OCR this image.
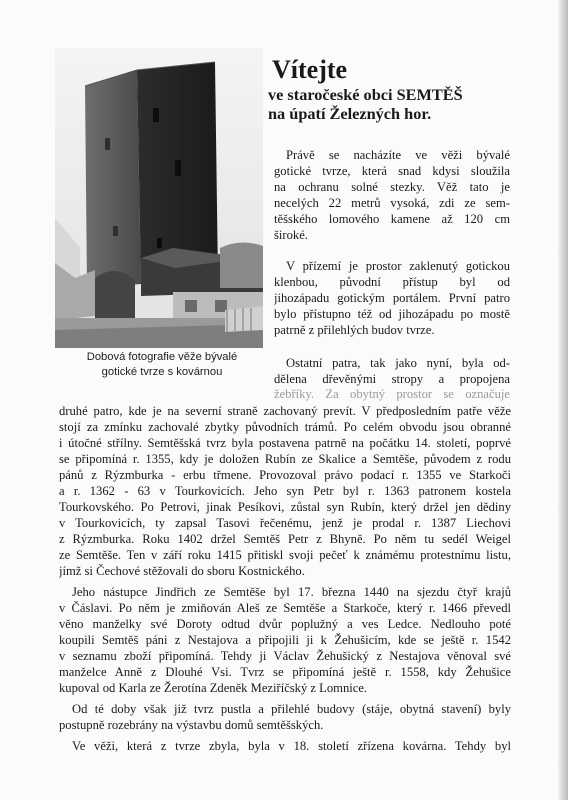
Dobová fotografie věže bývalé
gotické tvrze s kovárnou
Vítejte
ve staročeské obci SEMTĚŠ
na úpatí Železných hor.
Právě se nacházíte ve věži bývalé
gotické tvrze, která snad kdysi sloužila
na ochranu solné stezky. Věž tato je
necelých 22 metrů vysoká, zdi ze sem-
těšského lomového kamene až 120 cm
široké.
V přízemí je prostor zaklenutý gotickou
klenbou, původní přístup byl od
jihozápadu gotickým portálem. První patro
bylo přístupno též od jihozápadu po mostě
patrně z přilehlých budov tvrze.
Ostatní patra, tak jako nyní, byla od-
dělena dřevěnými stropy a propojena
žebříky. Za obytný prostor se označuje
druhé patro, kde je na severní straně zachovaný prevít. V předposledním patře věže
stojí za zmínku zachovalé zbytky původních trámů. Po celém obvodu jsou obranné
i útočné střílny. Semtěšská tvrz byla postavena patrně na počátku 14. století, poprvé
se připomíná r. 1355, kdy je doložen Rubín ze Skalice a Semtěše, původem z rodu
pánů z Rýzmburka - erbu třmene. Provozoval právo podací r. 1355 ve Starkoči
a r. 1362 - 63 v Tourkovicích. Jeho syn Petr byl r. 1363 patronem kostela
Tourkovského. Po Petrovi, jinak Pesíkovi, zůstal syn Rubín, který držel jen dědiny
v Tourkovicích, ty zapsal Tasovi řečenému, jenž je prodal r. 1387 Liechovi
z Rýzmburka. Roku 1402 držel Semtěš Petr z Bhyně. Po něm tu sedél Weigel
ze Semtěše. Ten v září roku 1415 přitiskl svoji pečeť k známému protestnímu listu,
jímž si Čechové stěžovali do sboru Kostnického.
Jeho nástupce Jindřich ze Semtěše byl 17. března 1440 na sjezdu čtyř krajů
v Čáslavi. Po něm je zmiňován Aleš ze Semtěše a Starkoče, který r. 1466 převedl
věno manželky své Doroty odtud dvůr poplužný a ves Ledce. Nedlouho poté
koupili Semtěš páni z Nestajova a připojili ji k Žehušicím, kde se ještě r. 1542
v seznamu zboží připomíná. Tehdy ji Václav Žehušický z Nestajova věnoval své
manželce Anně z Dlouhé Vsi. Tvrz se připomíná ještě r. 1558, kdy Žehušice
kupoval od Karla ze Žerotína Zdeněk Meziříčský z Lomnice.
Od té doby však již tvrz pustla a přilehlé budovy (stáje, obytná stavení) byly
postupně rozebrány na výstavbu domů semtěšských.
Ve věži, která z tvrze zbyla, byla v 18. století zřízena kovárna. Tehdy byl
